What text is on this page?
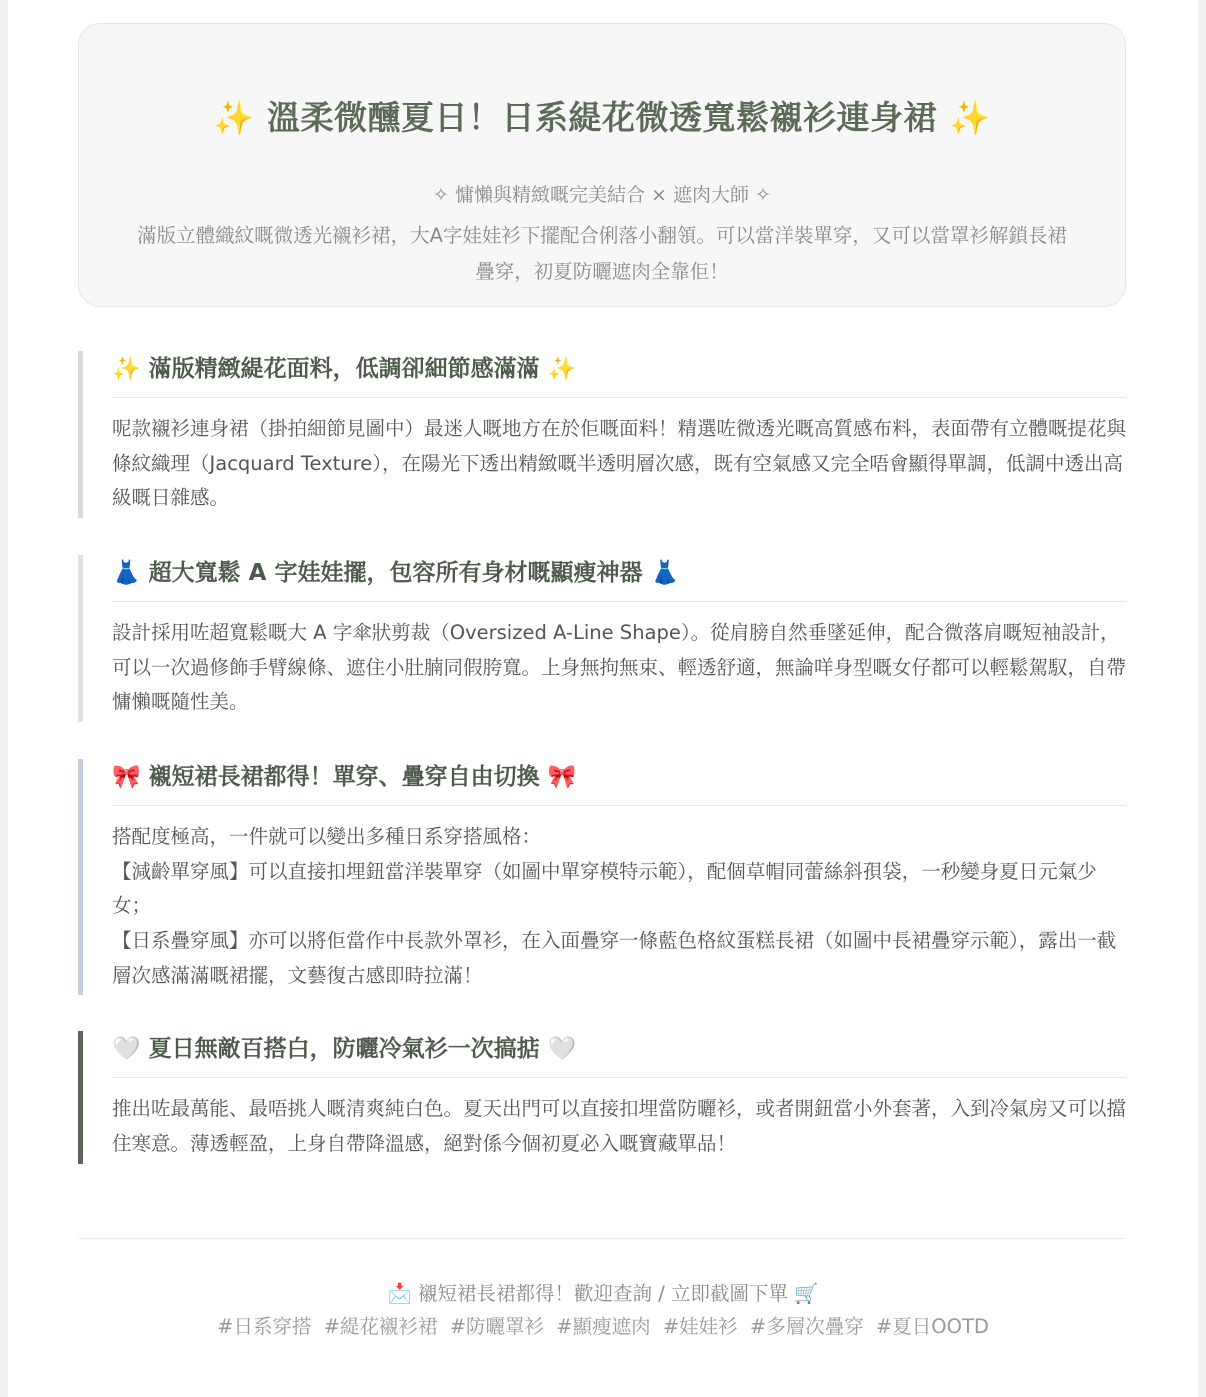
✨ 溫柔微醺夏日！日系緹花微透寬鬆襯衫連身裙 ✨
✧ 慵懶與精緻嘅完美結合 × 遮肉大師 ✧
滿版立體織紋嘅微透光襯衫裙，大A字娃娃衫下擺配合俐落小翻領。可以當洋裝單穿，又可以當罩衫解鎖長裙疊穿，初夏防曬遮肉全靠佢！
✨ 滿版精緻緹花面料，低調卻細節感滿滿 ✨

呢款襯衫連身裙（掛拍細節見圖中）最迷人嘅地方在於佢嘅面料！精選咗微透光嘅高質感布料，表面帶有立體嘅提花與條紋織理（Jacquard Texture），在陽光下透出精緻嘅半透明層次感，既有空氣感又完全唔會顯得單調，低調中透出高級嘅日雜感。

👗 超大寬鬆 A 字娃娃擺，包容所有身材嘅顯瘦神器 👗

設計採用咗超寬鬆嘅大 A 字傘狀剪裁（Oversized A-Line Shape）。從肩膀自然垂墜延伸，配合微落肩嘅短袖設計，可以一次過修飾手臂線條、遮住小肚腩同假胯寬。上身無拘無束、輕透舒適，無論咩身型嘅女仔都可以輕鬆駕馭，自帶慵懶嘅隨性美。

🎀 襯短裙長裙都得！單穿、疊穿自由切換 🎀

搭配度極高，一件就可以變出多種日系穿搭風格：

【減齡單穿風】可以直接扣埋鈕當洋裝單穿（如圖中單穿模特示範），配個草帽同蕾絲斜孭袋，一秒變身夏日元氣少女；

【日系疊穿風】亦可以將佢當作中長款外罩衫，在入面疊穿一條藍色格紋蛋糕長裙（如圖中長裙疊穿示範），露出一截層次感滿滿嘅裙擺，文藝復古感即時拉滿！

🤍 夏日無敵百搭白，防曬冷氣衫一次搞掂 🤍

推出咗最萬能、最唔挑人嘅清爽純白色。夏天出門可以直接扣埋當防曬衫，或者開鈕當小外套著，入到冷氣房又可以擋住寒意。薄透輕盈，上身自帶降溫感，絕對係今個初夏必入嘅寶藏單品！

📩 襯短裙長裙都得！歡迎查詢 / 立即截圖下單 🛒
#日系穿搭 #緹花襯衫裙 #防曬罩衫 #顯瘦遮肉 #娃娃衫 #多層次疊穿 #夏日OOTD
